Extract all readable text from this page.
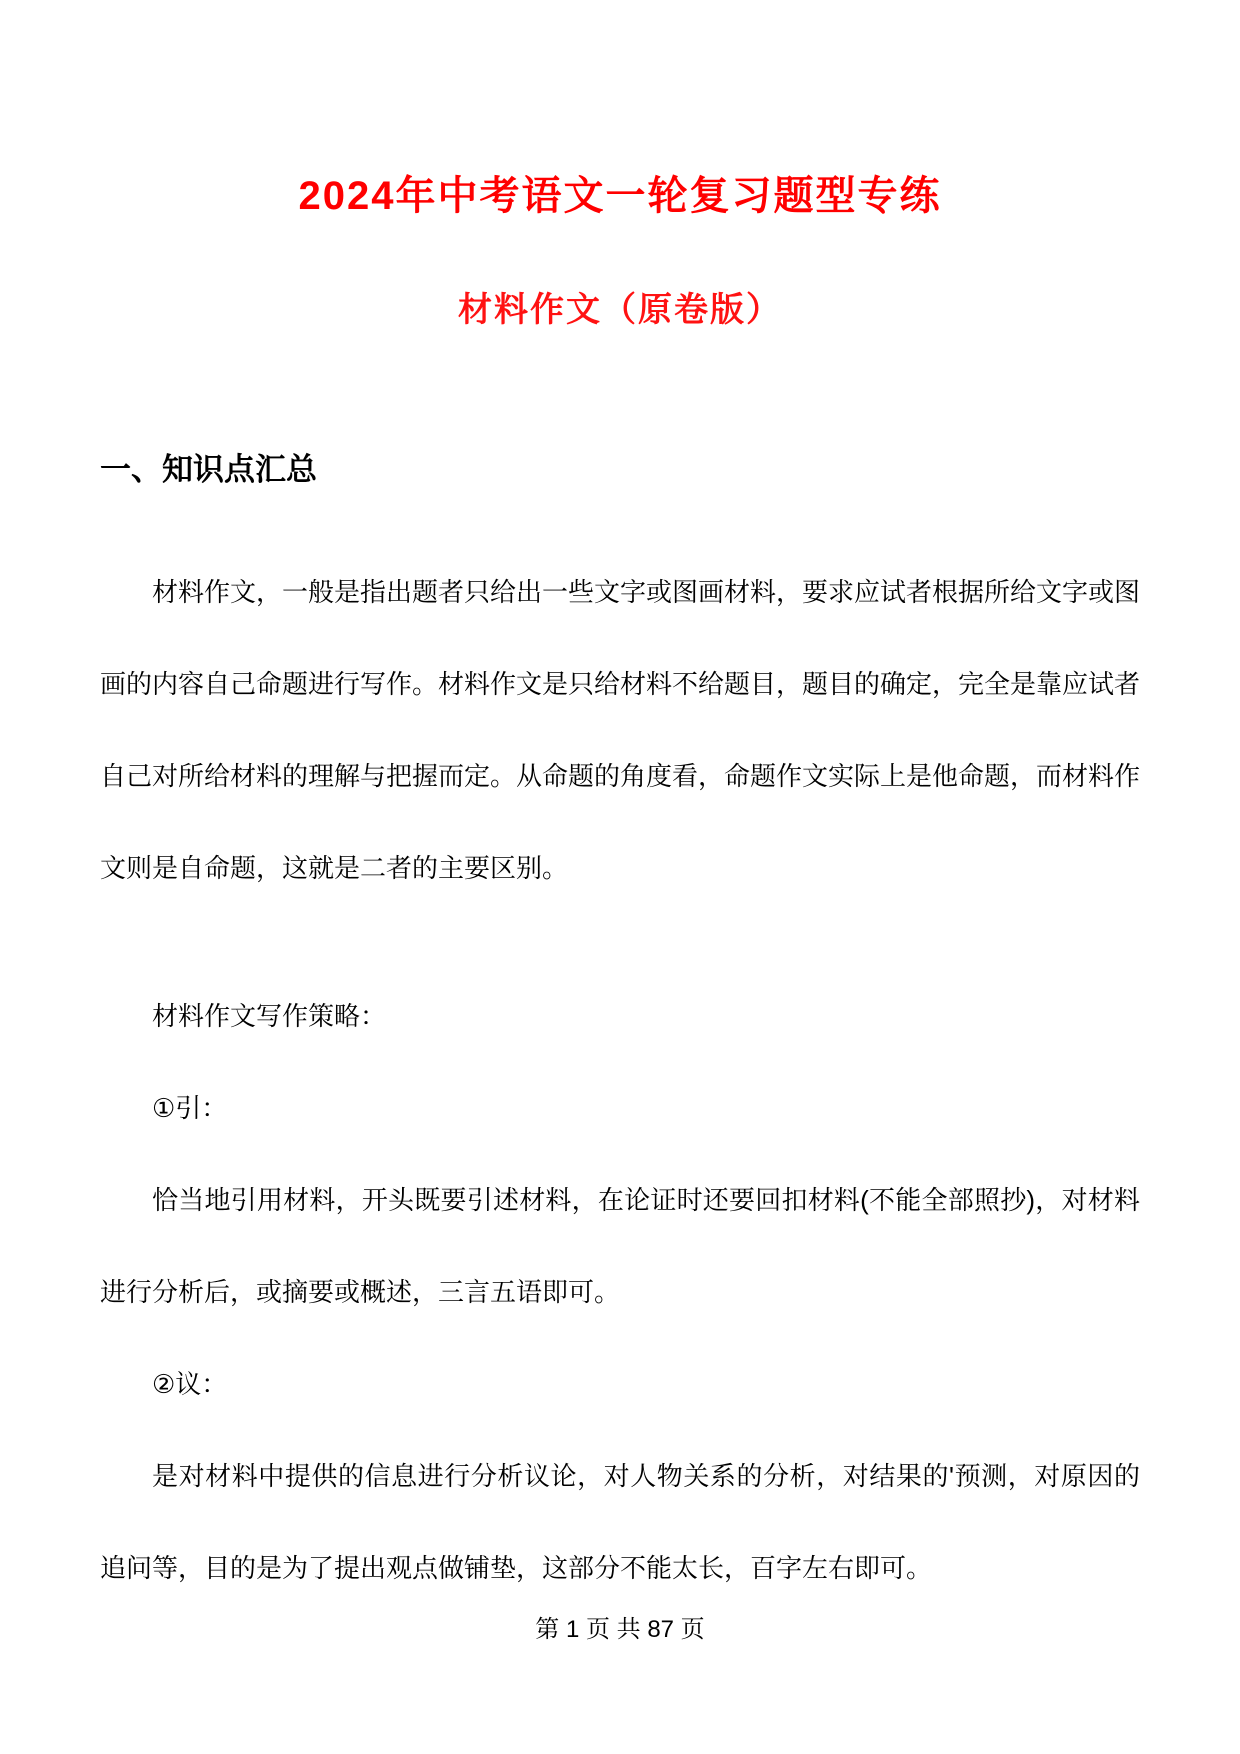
2024年中考语文一轮复习题型专练
材料作文（原卷版）
一、知识点汇总

材料作文，一般是指出题者只给出一些文字或图画材料，要求应试者根据所给文字或图画的内容自己命题进行写作。材料作文是只给材料不给题目，题目的确定，完全是靠应试者自己对所给材料的理解与把握而定。从命题的角度看，命题作文实际上是他命题，而材料作文则是自命题，这就是二者的主要区别。

材料作文写作策略：

①引：

恰当地引用材料，开头既要引述材料，在论证时还要回扣材料(不能全部照抄)，对材料进行分析后，或摘要或概述，三言五语即可。

②议：

是对材料中提供的信息进行分析议论，对人物关系的分析，对结果的'预测，对原因的追问等，目的是为了提出观点做铺垫，这部分不能太长，百字左右即可。

第 1 页 共 87 页
